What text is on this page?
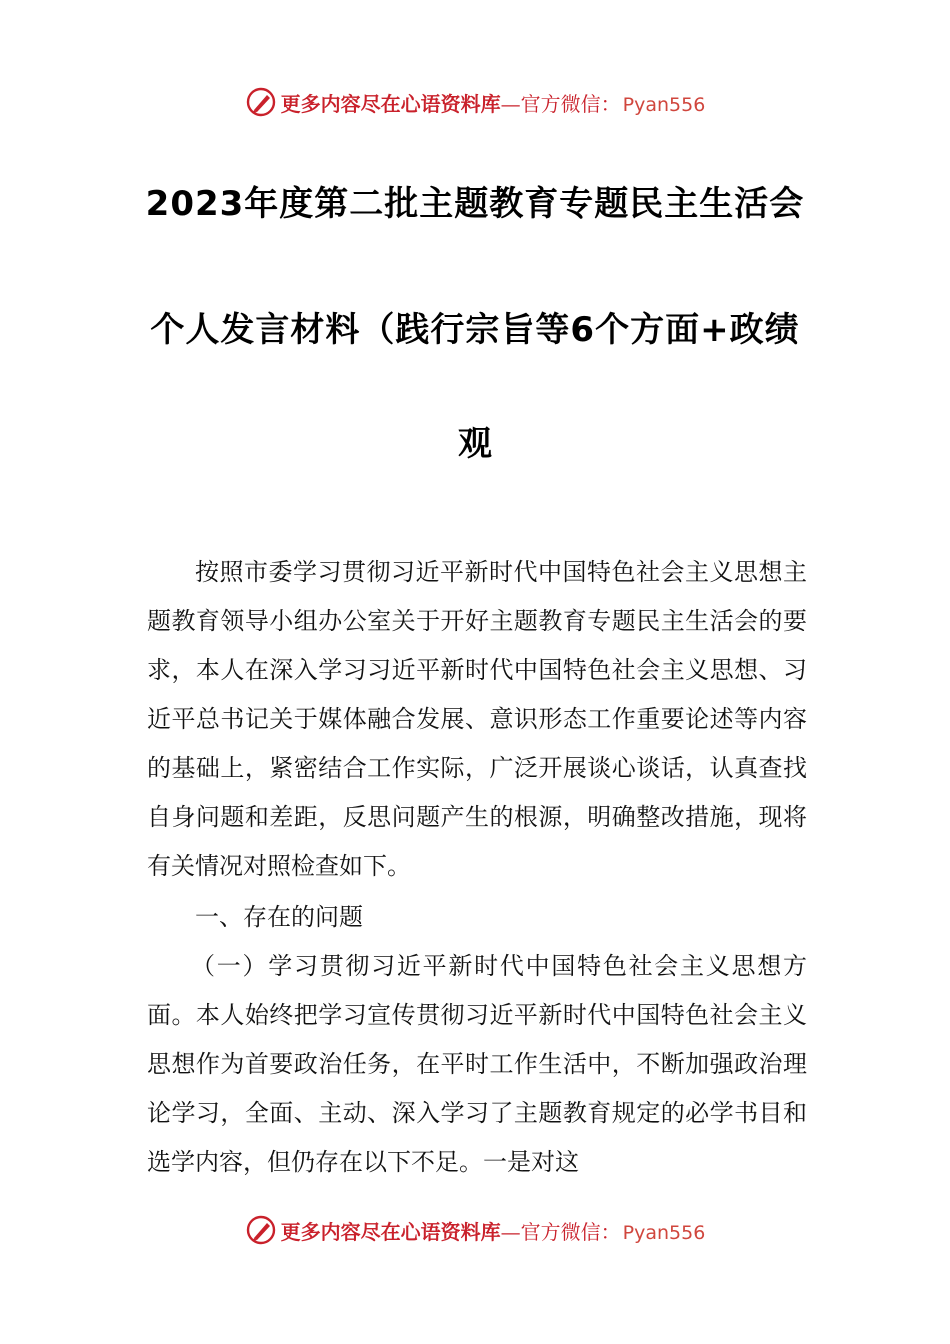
更多内容尽在心语资料库—官方微信： Pyan556
2023年度第二批主题教育专题民主生活会
个人发言材料（践行宗旨等6个方面+政绩
观

按照市委学习贯彻习近平新时代中国特色社会主义思想主题教育领导小组办公室关于开好主题教育专题民主生活会的要求，本人在深入学习习近平新时代中国特色社会主义思想、习近平总书记关于媒体融合发展、意识形态工作重要论述等内容的基础上，紧密结合工作实际，广泛开展谈心谈话，认真查找自身问题和差距，反思问题产生的根源，明确整改措施，现将有关情况对照检查如下。

一、存在的问题

（一）学习贯彻习近平新时代中国特色社会主义思想方面。本人始终把学习宣传贯彻习近平新时代中国特色社会主义思想作为首要政治任务，在平时工作生活中，不断加强政治理论学习，全面、主动、深入学习了主题教育规定的必学书目和选学内容，但仍存在以下不足。一是对这

更多内容尽在心语资料库—官方微信： Pyan556
